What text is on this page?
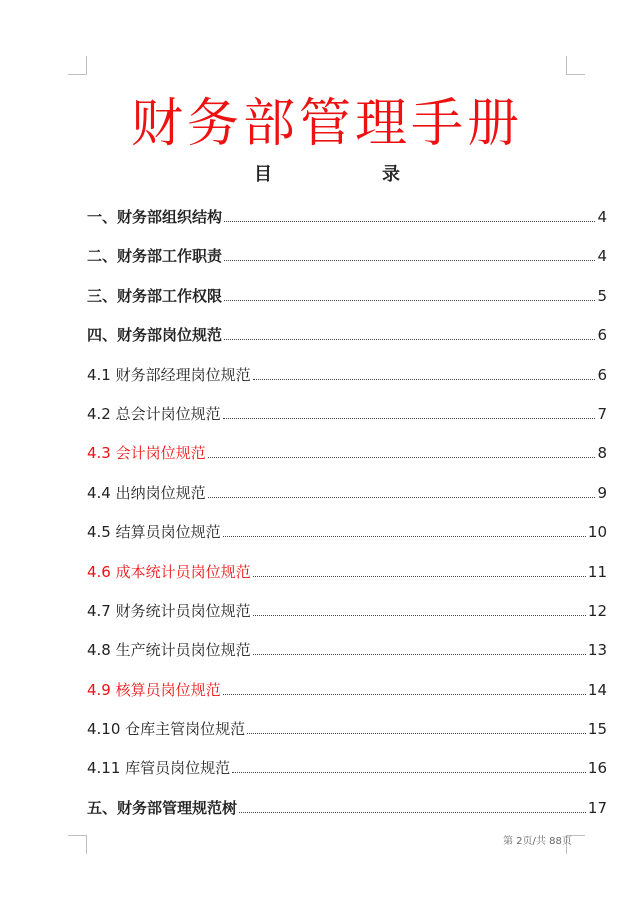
财务部管理手册
目	录
一、财务部组织结构	4
二、财务部工作职责	4
三、财务部工作权限	5
四、财务部岗位规范	6
4.1 财务部经理岗位规范	6
4.2 总会计岗位规范	7
4.3 会计岗位规范	8
4.4 出纳岗位规范	9
4.5 结算员岗位规范	10
4.6 成本统计员岗位规范	11
4.7 财务统计员岗位规范	12
4.8 生产统计员岗位规范	13
4.9 核算员岗位规范	14
4.10 仓库主管岗位规范	15
4.11 库管员岗位规范	16
五、财务部管理规范树	17
第 2页/共 88页
